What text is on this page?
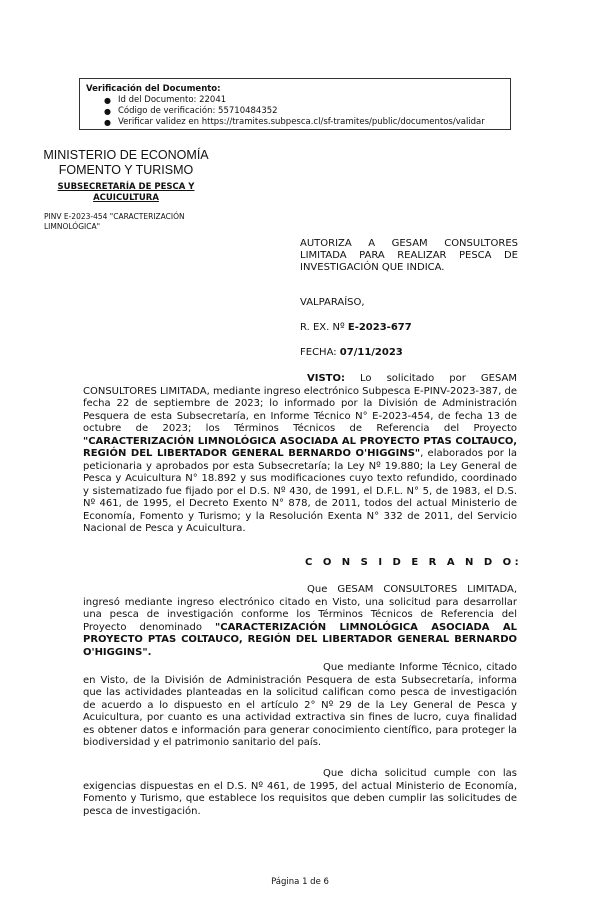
Verificación del Documento:
● Id del Documento: 22041
● Código de verificación: 55710484352
● Verificar validez en https://tramites.subpesca.cl/sf-tramites/public/documentos/validar
MINISTERIO DE ECONOMÍA
FOMENTO Y TURISMO
SUBSECRETARÍA DE PESCA Y
ACUICULTURA
PINV E-2023-454 "CARACTERIZACIÓN
LIMNOLÓGICA"
AUTORIZA A GESAM CONSULTORES
LIMITADA PARA REALIZAR PESCA DE
INVESTIGACIÓN QUE INDICA.
VALPARAÍSO,
R. EX. Nº E-2023-677
FECHA: 07/11/2023
VISTO: Lo solicitado por GESAM CONSULTORES LIMITADA, mediante ingreso electrónico Subpesca E-PINV-2023-387, de fecha 22 de septiembre de 2023; lo informado por la División de Administración Pesquera de esta Subsecretaría, en Informe Técnico N° E-2023-454, de fecha 13 de octubre de 2023; los Términos Técnicos de Referencia del Proyecto "CARACTERIZACIÓN LIMNOLÓGICA ASOCIADA AL PROYECTO PTAS COLTAUCO, REGIÓN DEL LIBERTADOR GENERAL BERNARDO O'HIGGINS", elaborados por la peticionaria y aprobados por esta Subsecretaría; la Ley Nº 19.880; la Ley General de Pesca y Acuicultura N° 18.892 y sus modificaciones cuyo texto refundido, coordinado y sistematizado fue fijado por el D.S. Nº 430, de 1991, el D.F.L. N° 5, de 1983, el D.S. Nº 461, de 1995, el Decreto Exento N° 878, de 2011, todos del actual Ministerio de Economía, Fomento y Turismo; y la Resolución Exenta N° 332 de 2011, del Servicio Nacional de Pesca y Acuicultura.
C O N S I D E R A N D O:
Que GESAM CONSULTORES LIMITADA, ingresó mediante ingreso electrónico citado en Visto, una solicitud para desarrollar una pesca de investigación conforme los Términos Técnicos de Referencia del Proyecto denominado "CARACTERIZACIÓN LIMNOLÓGICA ASOCIADA AL PROYECTO PTAS COLTAUCO, REGIÓN DEL LIBERTADOR GENERAL BERNARDO O'HIGGINS".
Que mediante Informe Técnico, citado en Visto, de la División de Administración Pesquera de esta Subsecretaría, informa que las actividades planteadas en la solicitud califican como pesca de investigación de acuerdo a lo dispuesto en el artículo 2° Nº 29 de la Ley General de Pesca y Acuicultura, por cuanto es una actividad extractiva sin fines de lucro, cuya finalidad es obtener datos e información para generar conocimiento científico, para proteger la biodiversidad y el patrimonio sanitario del país.
Que dicha solicitud cumple con las exigencias dispuestas en el D.S. Nº 461, de 1995, del actual Ministerio de Economía, Fomento y Turismo, que establece los requisitos que deben cumplir las solicitudes de pesca de investigación.
Página 1 de 6
